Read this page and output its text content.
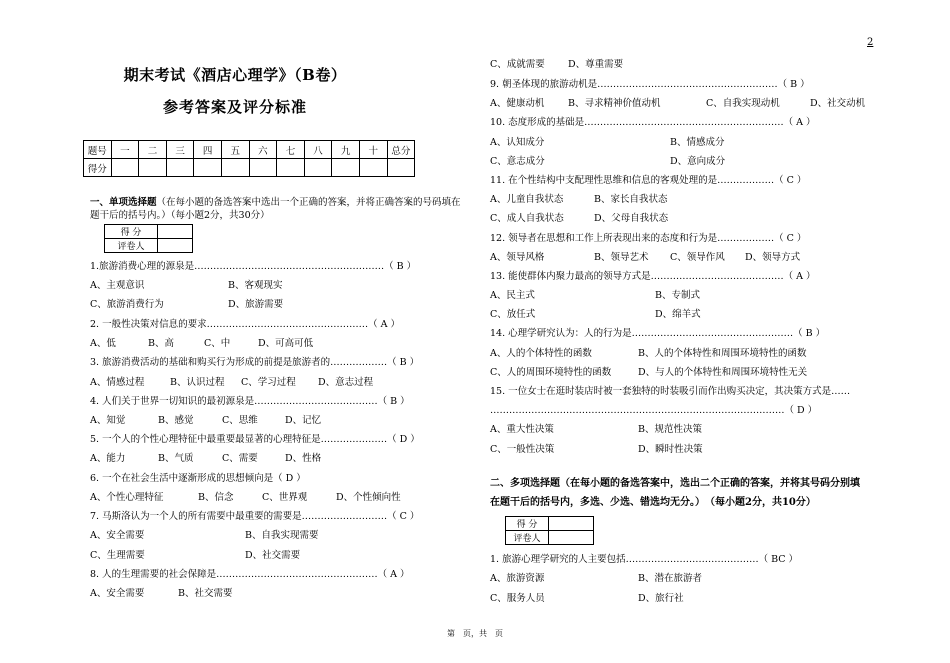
2
期末考试《酒店心理学》（B卷）
参考答案及评分标准
题号	一	二	三	四	五	六	七	八	九	十	总分
得分											
一、单项选择题（在每小题的备选答案中选出一个正确的答案，并将正确答案的号码填在题干后的括号内。）（每小题2分，共30分）
得 分	
评卷人	
1.旅游消费心理的源泉是……………………………………………………（ B ）
A、主观意识	B、客观现实
C、旅游消费行为	D、旅游需要
2. 一般性决策对信息的要求……………………………………………（ A ）
A、低	B、高	C、中	D、可高可低
3. 旅游消费活动的基础和购买行为形成的前提是旅游者的………………（ B ）
A、情感过程	B、认识过程 C、学习过程 D、意志过程
4. 人们关于世界一切知识的最初源泉是…………………………………（ B ）
A、知觉	B、感觉	C、思维	D、记忆
5. 一个人的个性心理特征中最重要最显著的心理特征是…………………（ D ）
A、能力	B、气质	C、需要	D、性格
6. 一个在社会生活中逐渐形成的思想倾向是（ D ）
A、个性心理特征	B、信念	C、世界观	D、个性倾向性
7. 马斯洛认为一个人的所有需要中最重要的需要是………………………（ C ）
A、安全需要	B、自我实现需要
C、生理需要	D、社交需要
8. 人的生理需要的社会保障是……………………………………………（ A ）
A、安全需要	B、社交需要
C、成就需要 D、尊重需要
9. 朝圣体现的旅游动机是…………………………………………………（ B ）
A、健康动机 B、寻求精神价值动机	C、自我实现动机	D、社交动机
10. 态度形成的基础是………………………………………………………（ A ）
A、认知成分	B、情感成分
C、意志成分	D、意向成分
11. 在个性结构中支配理性思维和信息的客观处理的是………………（ C ）
A、儿童自我状态	B、家长自我状态
C、成人自我状态	D、父母自我状态
12. 领导者在思想和工作上所表现出来的态度和行为是………………（ C ）
A、领导风格	B、领导艺术 C、领导作风 D、领导方式
13. 能使群体内聚力最高的领导方式是……………………………………（ A ）
A、民主式	B、专制式
C、放任式	D、绵羊式
14. 心理学研究认为：人的行为是……………………………………………（ B ）
A、人的个体特性的函数	B、人的个体特性和周围环境特性的函数
C、人的周围环境特性的函数	D、与人的个体特性和周围环境特性无关
15. 一位女士在逛时装店时被一套独特的时装吸引而作出购买决定，其决策方式是……
…………………………………………………………………………………（ D ）
A、重大性决策	B、规范性决策
C、一般性决策	D、瞬时性决策
1. 旅游心理学研究的人主要包括……………………………………（ BC ）
A、旅游资源	B、潜在旅游者
C、服务人员	D、旅行社
二、多项选择题（在每小题的备选答案中，选出二个正确的答案，并将其号码分别填
在题干后的括号内，多选、少选、错选均无分。）　（每小题2分，共10分）
得 分	
评卷人	
第　页，共　页
